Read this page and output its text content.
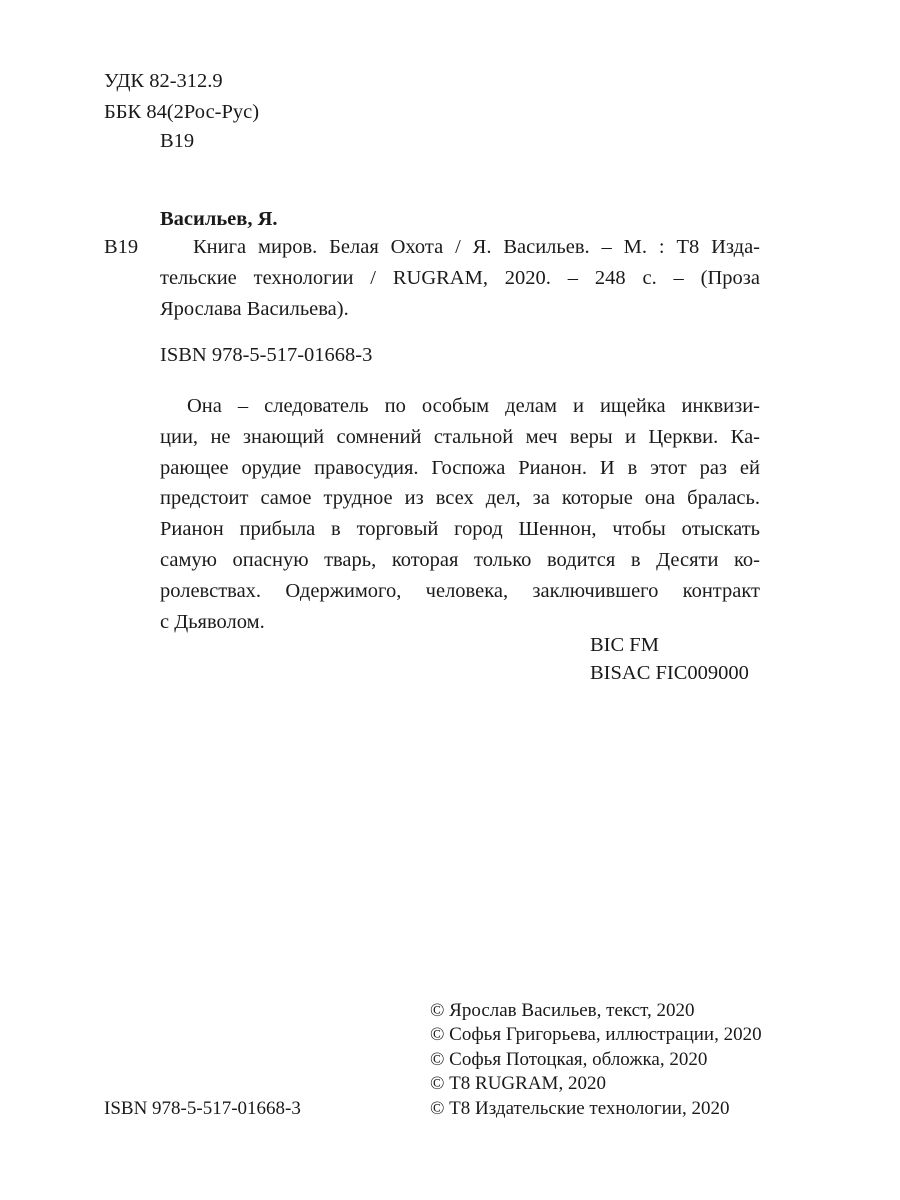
УДК 82-312.9
ББК 84(2Рос-Рус)
В19
Васильев, Я.
В19	Книга миров. Белая Охота / Я. Васильев. – М. : Т8 Изда-
тельские технологии / RUGRAM, 2020. – 248 с. – (Проза
Ярослава Васильева).
ISBN 978-5-517-01668-3
Она – следователь по особым делам и ищейка инквизи-
ции, не знающий сомнений стальной меч веры и Церкви. Ка-
рающее орудие правосудия. Госпожа Рианон. И в этот раз ей
предстоит самое трудное из всех дел, за которые она бралась.
Рианон прибыла в торговый город Шеннон, чтобы отыскать
самую опасную тварь, которая только водится в Десяти ко-
ролевствах. Одержимого, человека, заключившего контракт
с Дьяволом.
BIC FM
BISAC FIC009000
© Ярослав Васильев, текст, 2020
© Софья Григорьева, иллюстрации, 2020
© Софья Потоцкая, обложка, 2020
© Т8 RUGRAM, 2020
© Т8 Издательские технологии, 2020
ISBN 978-5-517-01668-3
